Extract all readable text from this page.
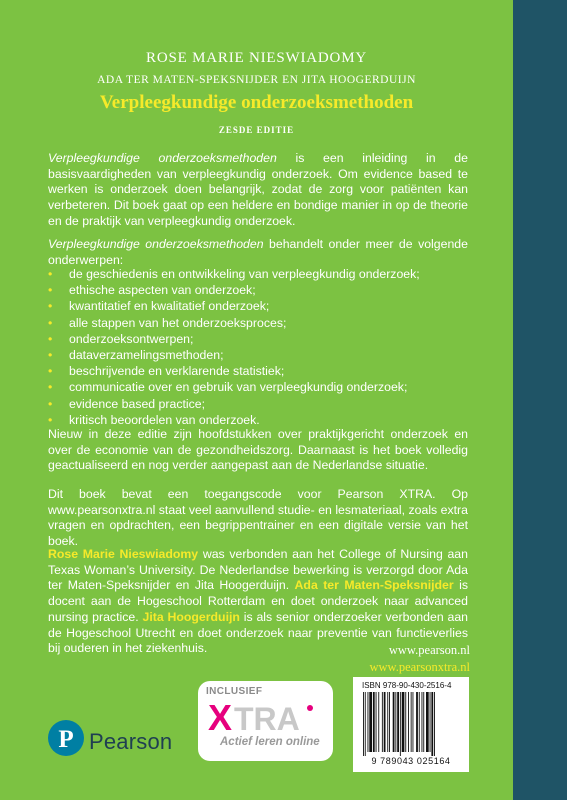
ROSE MARIE NIESWIADOMY
ADA TER MATEN-SPEKSNIJDER EN JITA HOOGERDUIJN
Verpleegkundige onderzoeksmethoden
ZESDE EDITIE
Verpleegkundige onderzoeksmethoden is een inleiding in de basisvaardigheden van verpleegkundig onderzoek. Om evidence based te werken is onderzoek doen belangrijk, zodat de zorg voor patiënten kan verbeteren. Dit boek gaat op een heldere en bondige manier in op de theorie en de praktijk van verpleegkundig onderzoek.
Verpleegkundige onderzoeksmethoden behandelt onder meer de volgende onderwerpen:
• de geschiedenis en ontwikkeling van verpleegkundig onderzoek;
• ethische aspecten van onderzoek;
• kwantitatief en kwalitatief onderzoek;
• alle stappen van het onderzoeksproces;
• onderzoeksontwerpen;
• dataverzamelingsmethoden;
• beschrijvende en verklarende statistiek;
• communicatie over en gebruik van verpleegkundig onderzoek;
• evidence based practice;
• kritisch beoordelen van onderzoek.
Nieuw in deze editie zijn hoofdstukken over praktijkgericht onderzoek en over de economie van de gezondheidszorg. Daarnaast is het boek volledig geactualiseerd en nog verder aangepast aan de Nederlandse situatie.
Dit boek bevat een toegangscode voor Pearson XTRA. Op www.pearsonxtra.nl staat veel aanvullend studie- en lesmateriaal, zoals extra vragen en opdrachten, een begrippentrainer en een digitale versie van het boek.
Rose Marie Nieswiadomy was verbonden aan het College of Nursing aan Texas Woman’s University. De Nederlandse bewerking is verzorgd door Ada ter Maten-Speksnijder en Jita Hoogerduijn. Ada ter Maten-Speksnijder is docent aan de Hogeschool Rotterdam en doet onderzoek naar advanced nursing practice. Jita Hoogerduijn is als senior onderzoeker verbonden aan de Hogeschool Utrecht en doet onderzoek naar preventie van functieverlies bij ouderen in het ziekenhuis.	www.pearson.nl
www.pearsonxtra.nl
INCLUSIEF
X TRA
Actief leren online
ISBN 978-90-430-2516-4
9 789043 025164
P Pearson
